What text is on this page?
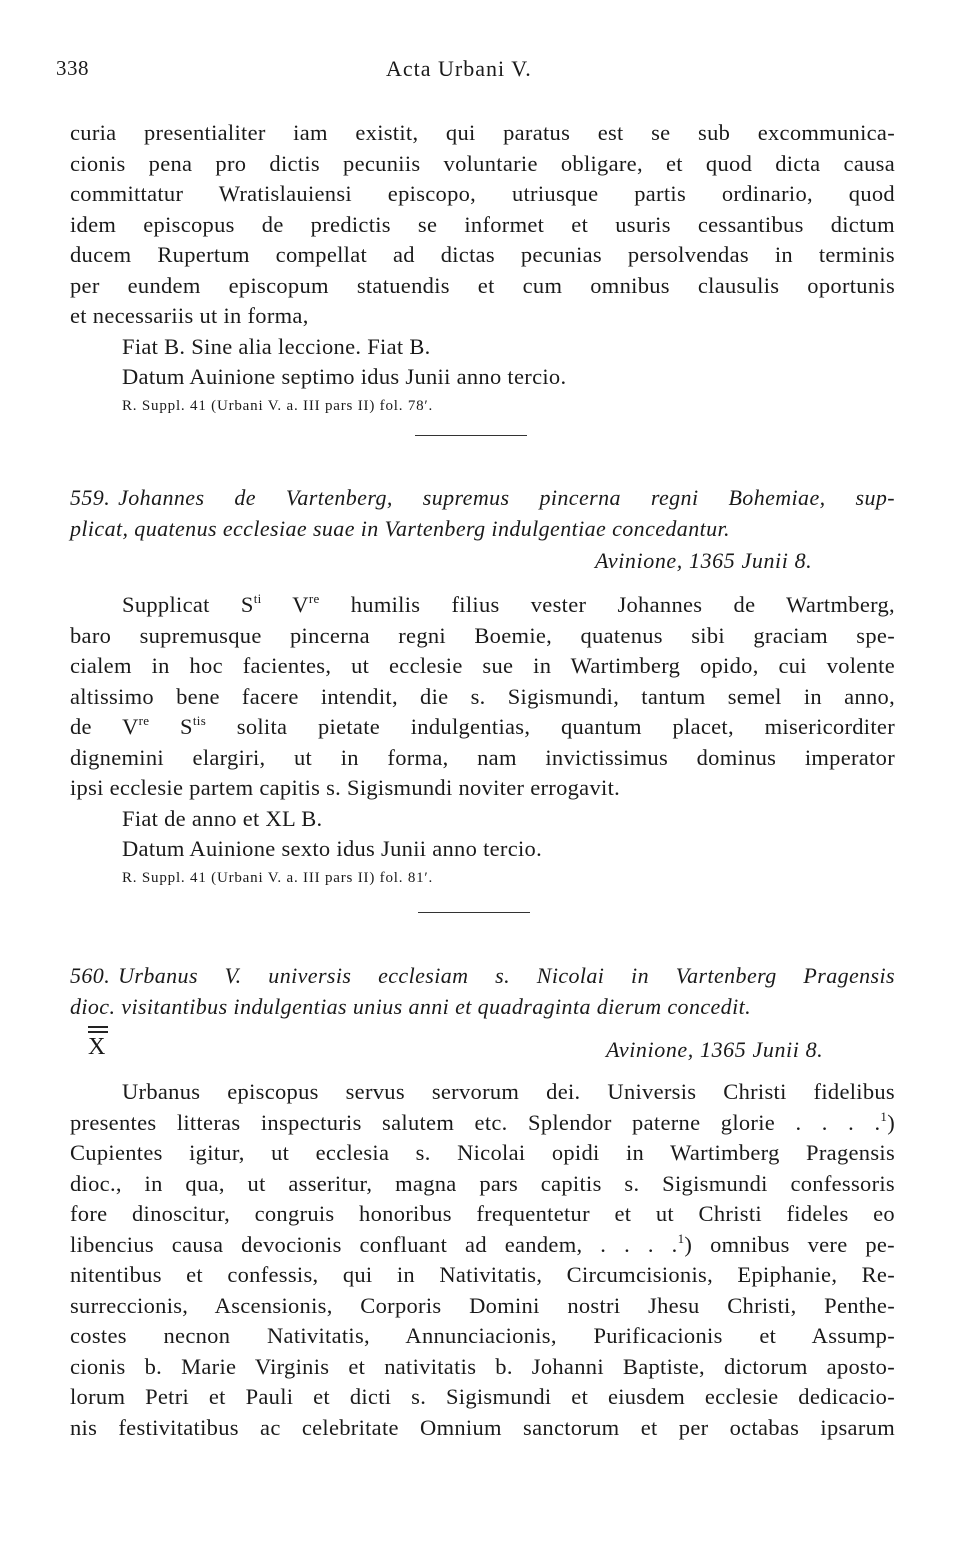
338	Acta Urbani V.
curia presentialiter iam existit, qui paratus est se sub excommunica-
cionis pena pro dictis pecuniis voluntarie obligare, et quod dicta causa
committatur Wratislauiensi episcopo, utriusque partis ordinario, quod
idem episcopus de predictis se informet et usuris cessantibus dictum
ducem Rupertum compellat ad dictas pecunias persolvendas in terminis
per eundem episcopum statuendis et cum omnibus clausulis oportunis
et necessariis ut in forma,
Fiat B. Sine alia leccione. Fiat B.
Datum Auinione septimo idus Junii anno tercio.
R. Suppl. 41 (Urbani V. a. III pars II) fol. 78′.
559. Johannes de Vartenberg, supremus pincerna regni Bohemiae, sup-
plicat, quatenus ecclesiae suae in Vartenberg indulgentiae concedantur.
Avinione, 1365 Junii 8.
Supplicat $S^{ti}$ Vre humilis filius vester Johannes de Wartmberg,
baro supremusque pincerna regni Boemie, quatenus sibi graciam spe-
cialem in hoc facientes, ut ecclesie sue in Wartimberg opido, cui volente
altissimo bene facere intendit, die s. Sigismundi, tantum semel in anno,
de Vre $S^{tis}$ solita pietate indulgentias, quantum placet, misericorditer
dignemini elargiri, ut in forma, nam invictissimus dominus imperator
ipsi ecclesie partem capitis s. Sigismundi noviter errogavit.
Fiat de anno et XL B.
Datum Auinione sexto idus Junii anno tercio.
R. Suppl. 41 (Urbani V. a. III pars II) fol. 81′.
560. Urbanus V. universis ecclesiam s. Nicolai in Vartenberg Pragensis
dioc. visitantibus indulgentias unius anni et quadraginta dierum concedit.
X	Avinione, 1365 Junii 8.
Urbanus episcopus servus servorum dei. Universis Christi fidelibus
presentes litteras inspecturis salutem etc. Splendor paterne glorie . . . .$^1$)
Cupientes igitur, ut ecclesia s. Nicolai opidi in Wartimberg Pragensis
dioc., in qua, ut asseritur, magna pars capitis s. Sigismundi confessoris
fore dinoscitur, congruis honoribus frequentetur et ut Christi fideles eo
libencius causa devocionis confluant ad eandem, . . . .$^1$) omnibus vere pe-
nitentibus et confessis, qui in Nativitatis, Circumcisionis, Epiphanie, Re-
surreccionis, Ascensionis, Corporis Domini nostri Jhesu Christi, Penthe-
costes necnon Nativitatis, Annunciacionis, Purificacionis et Assump-
cionis b. Marie Virginis et nativitatis b. Johanni Baptiste, dictorum aposto-
lorum Petri et Pauli et dicti s. Sigismundi et eiusdem ecclesie dedicacio-
nis festivitatibus ac celebritate Omnium sanctorum et per octabas ipsarum
